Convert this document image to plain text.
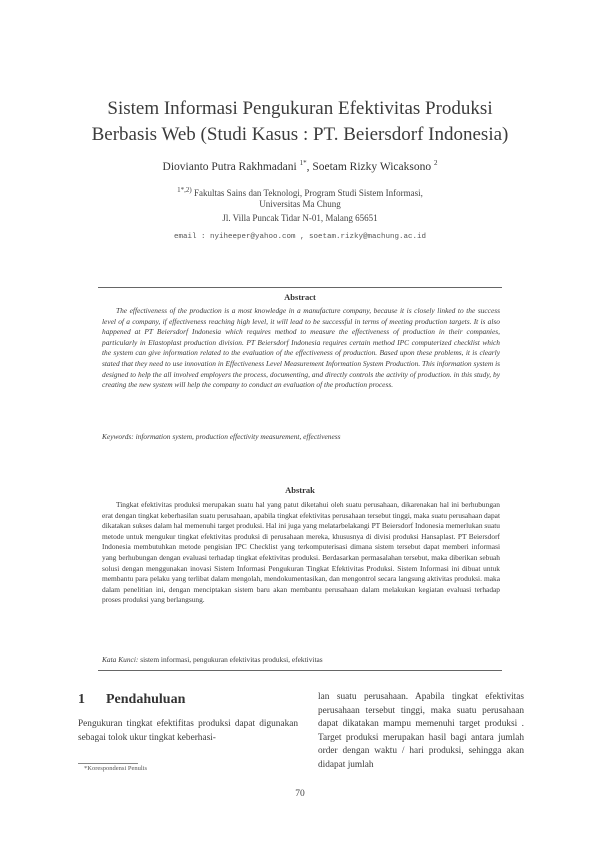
Sistem Informasi Pengukuran Efektivitas Produksi
Berbasis Web (Studi Kasus : PT. Beiersdorf Indonesia)
Diovianto Putra Rakhmadani $^{1*}$, Soetam Rizky Wicaksono $^2$
$^{1*,2)}$ Fakultas Sains dan Teknologi, Program Studi Sistem Informasi,
Universitas Ma Chung
Jl. Villa Puncak Tidar N-01, Malang 65651
email : nyiheeper@yahoo.com , soetam.rizky@machung.ac.id
Abstract
The effectiveness of the production is a most knowledge in a manufacture company, because it is closely linked to the success level of a company, if effectiveness reaching high level, it will lead to be successful in terms of meeting production targets. It is also happened at PT Beiersdorf Indonesia which requires method to measure the effectiveness of production in their companies, particularly in Elastoplast production division. PT Beiersdorf Indonesia requires certain method IPC computerized checklist which the system can give information related to the evaluation of the effectiveness of production. Based upon these problems, it is clearly stated that they need to use innovation in Effectiveness Level Measurement Information System Production. This information system is designed to help the all involved employers the process, documenting, and directly controls the activity of production. in this study, by creating the new system will help the company to conduct an evaluation of the production process.
Keywords: information system, production effectivity measurement, effectiveness
Abstrak
Tingkat efektivitas produksi merupakan suatu hal yang patut diketahui oleh suatu perusahaan, dikarenakan hal ini berhubungan erat dengan tingkat keberhasilan suatu perusahaan, apabila tingkat efektivitas perusahaan tersebut tinggi, maka suatu perusahaan dapat dikatakan sukses dalam hal memenuhi target produksi. Hal ini juga yang melatarbelakangi PT Beiersdorf Indonesia memerlukan suatu metode untuk mengukur tingkat efektivitas produksi di perusahaan mereka, khususnya di divisi produksi Hansaplast. PT Beiersdorf Indonesia membutuhkan metode pengisian IPC Checklist yang terkomputerisasi dimana sistem tersebut dapat memberi informasi yang berhubungan dengan evaluasi terhadap tingkat efektivitas produksi. Berdasarkan permasalahan tersebut, maka diberikan sebuah solusi dengan menggunakan inovasi Sistem Informasi Pengukuran Tingkat Efektivitas Produksi. Sistem Informasi ini dibuat untuk membantu para pelaku yang terlibat dalam mengolah, mendokumentasikan, dan mengontrol secara langsung aktivitas produksi. maka dalam penelitian ini, dengan menciptakan sistem baru akan membantu perusahaan dalam melakukan kegiatan evaluasi terhadap proses produksi yang berlangsung.
Kata Kunci: sistem informasi, pengukuran efektivitas produksi, efektivitas
1 Pendahuluan
Pengukuran tingkat efektifitas produksi dapat digunakan sebagai tolok ukur tingkat keberhasi-
lan suatu perusahaan. Apabila tingkat efektivitas perusahaan tersebut tinggi, maka suatu perusahaan dapat dikatakan mampu memenuhi target produksi . Target produksi merupakan hasil bagi antara jumlah order dengan waktu / hari produksi, sehingga akan didapat jumlah
*Korespondensi Penulis
70
